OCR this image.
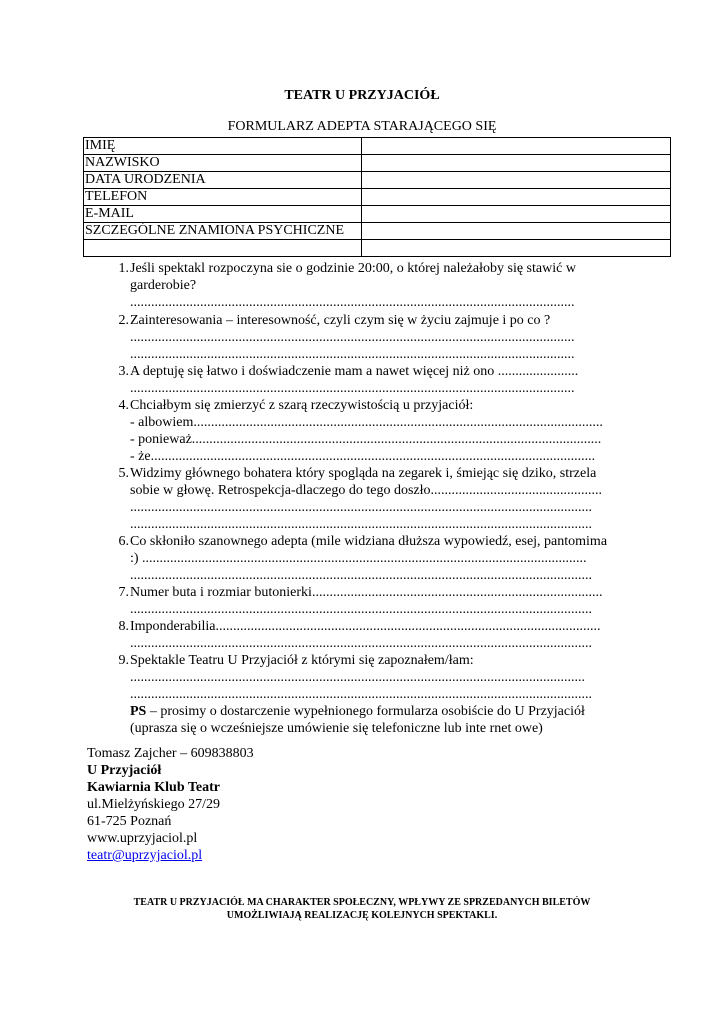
TEATR U PRZYJACIÓŁ
FORMULARZ ADEPTA STARAJĄCEGO SIĘ
IMIĘ	
NAZWISKO	
DATA URODZENIA	
TELEFON	
E-MAIL	
SZCZEGÓLNE ZNAMIONA PSYCHICZNE	

1. Jeśli spektakl rozpoczyna sie o godzinie 20:00, o której należałoby się stawić w
garderobie?
...............................................................................................................................
2. Zainteresowania – interesowność, czyli czym się w życiu zajmuje i po co ?
...............................................................................................................................
...............................................................................................................................
3. A deptuję się łatwo i doświadczenie mam a nawet więcej niż ono .......................
...............................................................................................................................
4. Chciałbym się zmierzyć z szarą rzeczywistością u przyjaciół:
- albowiem.....................................................................................................................
- ponieważ.....................................................................................................................
- że...............................................................................................................................
5. Widzimy głównego bohatera który spogląda na zegarek i, śmiejąc się dziko, strzela
sobie w głowę. Retrospekcja-dlaczego do tego doszło.................................................
....................................................................................................................................
....................................................................................................................................
6. Co skłoniło szanownego adepta (mile widziana dłuższa wypowiedź, esej, pantomima
:) ...............................................................................................................................
....................................................................................................................................
7. Numer buta i rozmiar butonierki...................................................................................
....................................................................................................................................
8. Imponderabilia..............................................................................................................
....................................................................................................................................
9. Spektakle Teatru U Przyjaciół z którymi się zapoznałem/łam:
..................................................................................................................................
....................................................................................................................................
PS – prosimy o dostarczenie wypełnionego formularza osobiście do U Przyjaciół
(uprasza się o wcześniejsze umówienie się telefoniczne lub inte rnet owe)
Tomasz Zajcher – 609838803
U Przyjaciół
Kawiarnia Klub Teatr
ul.Mielżyńskiego 27/29
61-725 Poznań
www.uprzyjaciol.pl
teatr@uprzyjaciol.pl
TEATR U PRZYJACIÓŁ MA CHARAKTER SPOŁECZNY, WPŁYWY ZE SPRZEDANYCH BILETÓW
UMOŻLIWIAJĄ REALIZACJĘ KOLEJNYCH SPEKTAKLI.
